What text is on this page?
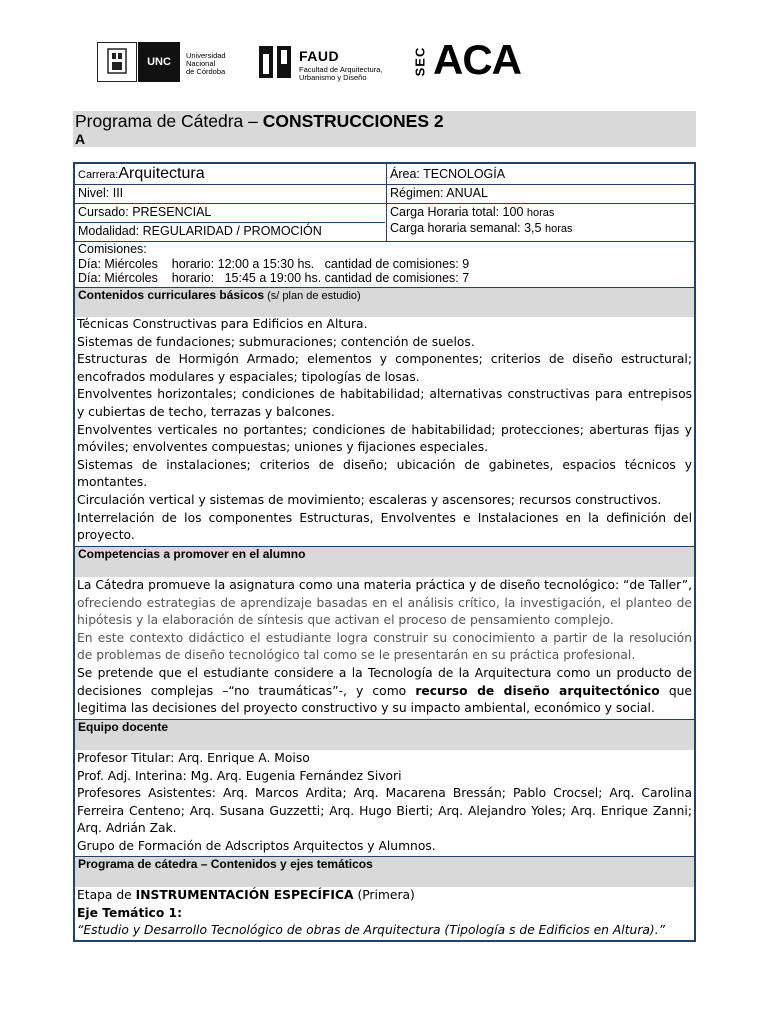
UNC
Universidad
Nacional
de Córdoba
FAUD
Facultad de Arquitectura,
Urbanismo y Diseño
SEC ACA
Programa de Cátedra – CONSTRUCCIONES 2
A
Carrera:Arquitectura	Área: TECNOLOGÍA
Nivel: III	Régimen: ANUAL
Cursado: PRESENCIAL
Modalidad: REGULARIDAD / PROMOCIÓN
Carga Horaria total: 100 horas
Carga horaria semanal: 3,5 horas
Comisiones:
Día: Miércoles    horario: 12:00 a 15:30 hs.   cantidad de comisiones: 9
Día: Miércoles    horario:   15:45 a 19:00 hs. cantidad de comisiones: 7
Contenidos curriculares básicos (s/ plan de estudio)

Técnicas Constructivas para Edificios en Altura.

Sistemas de fundaciones; submuraciones; contención de suelos.

Estructuras de Hormigón Armado; elementos y componentes; criterios de diseño estructural; encofrados modulares y espaciales; tipologías de losas.

Envolventes horizontales; condiciones de habitabilidad; alternativas constructivas para entrepisos y cubiertas de techo, terrazas y balcones.

Envolventes verticales no portantes; condiciones de habitabilidad; protecciones; aberturas fijas y móviles; envolventes compuestas; uniones y fijaciones especiales.

Sistemas de instalaciones; criterios de diseño; ubicación de gabinetes, espacios técnicos y montantes.

Circulación vertical y sistemas de movimiento; escaleras y ascensores; recursos constructivos.

Interrelación de los componentes Estructuras, Envolventes e Instalaciones en la definición del proyecto.

Competencias a promover en el alumno

La Cátedra promueve la asignatura como una materia práctica y de diseño tecnológico: “de Taller”, ofreciendo estrategias de aprendizaje basadas en el análisis crítico, la investigación, el planteo de hipótesis y la elaboración de síntesis que activan el proceso de pensamiento complejo.

En este contexto didáctico el estudiante logra construir su conocimiento a partir de la resolución de problemas de diseño tecnológico tal como se le presentarán en su práctica profesional.

Se pretende que el estudiante considere a la Tecnología de la Arquitectura como un producto de decisiones complejas –“no traumáticas”-, y como recurso de diseño arquitectónico que legitima las decisiones del proyecto constructivo y su impacto ambiental, económico y social.

Equipo docente

Profesor Titular: Arq. Enrique A. Moiso

Prof. Adj. Interina: Mg. Arq. Eugenia Fernández Sivori

Profesores Asistentes: Arq. Marcos Ardita; Arq. Macarena Bressán; Pablo Crocsel; Arq. Carolina Ferreira Centeno; Arq. Susana Guzzetti; Arq. Hugo Bierti; Arq. Alejandro Yoles; Arq. Enrique Zanni; Arq. Adrián Zak.

Grupo de Formación de Adscriptos Arquitectos y Alumnos.

Programa de cátedra – Contenidos y ejes temáticos

Etapa de INSTRUMENTACIÓN ESPECÍFICA (Primera)

Eje Temático 1:

“Estudio y Desarrollo Tecnológico de obras de Arquitectura (Tipología s de Edificios en Altura).”
